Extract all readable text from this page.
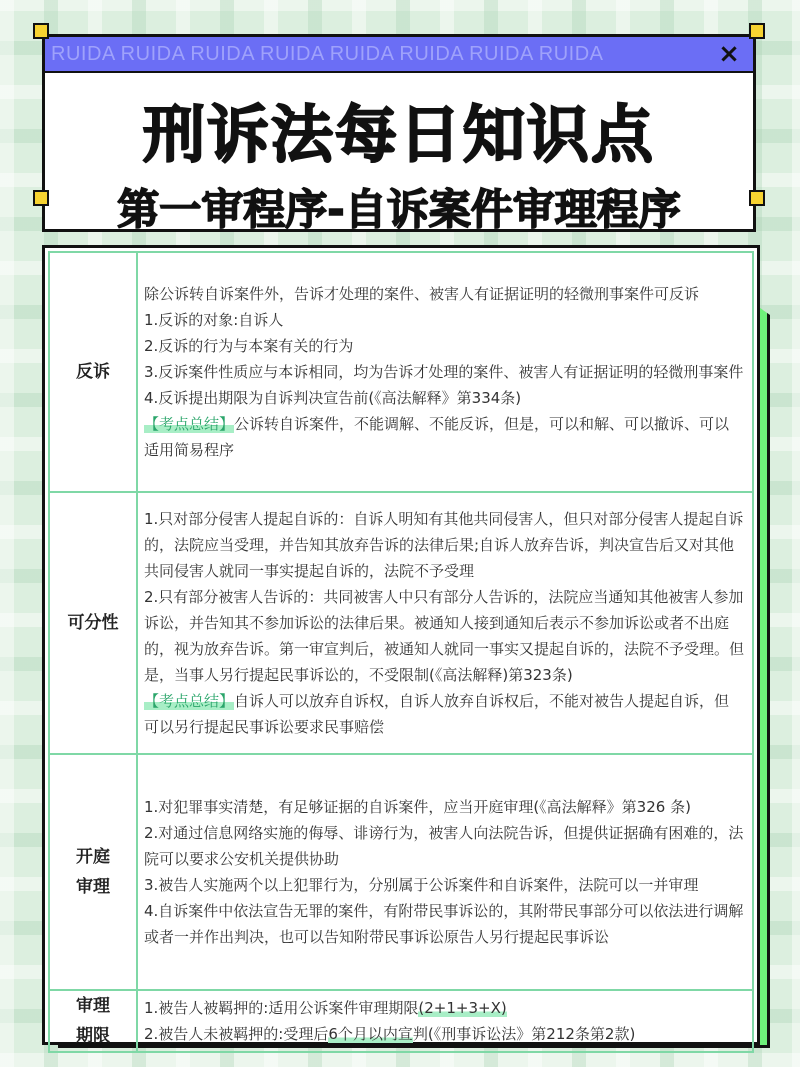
RUIDA RUIDA RUIDA RUIDA RUIDA RUIDA RUIDA RUIDA	×
刑诉法每日知识点
第一审程序-自诉案件审理程序
反诉	
除公诉转自诉案件外，告诉才处理的案件、被害人有证据证明的轻微刑事案件可反诉
1.反诉的对象:自诉人
2.反诉的行为与本案有关的行为
3.反诉案件性质应与本诉相同，均为告诉才处理的案件、被害人有证据证明的轻微刑事案件
4.反诉提出期限为自诉判决宣告前(《高法解释》第334条)
【考点总结】公诉转自诉案件，不能调解、不能反诉，但是，可以和解、可以撤诉、可以适用简易程序

可分性	1.只对部分侵害人提起自诉的：自诉人明知有其他共同侵害人，但只对部分侵害人提起自诉的，法院应当受理，并告知其放弃告诉的法律后果;自诉人放弃告诉，判决宣告后又对其他共同侵害人就同一事实提起自诉的，法院不予受理
2.只有部分被害人告诉的：共同被害人中只有部分人告诉的，法院应当通知其他被害人参加诉讼，并告知其不参加诉讼的法律后果。被通知人接到通知后表示不参加诉讼或者不出庭的，视为放弃告诉。第一审宣判后，被通知人就同一事实又提起自诉的，法院不予受理。但是，当事人另行提起民事诉讼的，不受限制(《高法解释)第323条)
【考点总结】自诉人可以放弃自诉权，自诉人放弃自诉权后，不能对被告人提起自诉，但可以另行提起民事诉讼要求民事赔偿

开庭
审理	1.对犯罪事实清楚，有足够证据的自诉案件，应当开庭审理(《高法解释》第326 条)
2.对通过信息网络实施的侮辱、诽谤行为，被害人向法院告诉，但提供证据确有困难的，法院可以要求公安机关提供协助
3.被告人实施两个以上犯罪行为，分别属于公诉案件和自诉案件，法院可以一并审理
4.自诉案件中依法宣告无罪的案件，有附带民事诉讼的，其附带民事部分可以依法进行调解或者一并作出判决，也可以告知附带民事诉讼原告人另行提起民事诉讼

审理
期限	1.被告人被羁押的:适用公诉案件审理期限(2+1+3+X)
2.被告人未被羁押的:受理后6个月以内宣判(《刑事诉讼法》第212条第2款)
